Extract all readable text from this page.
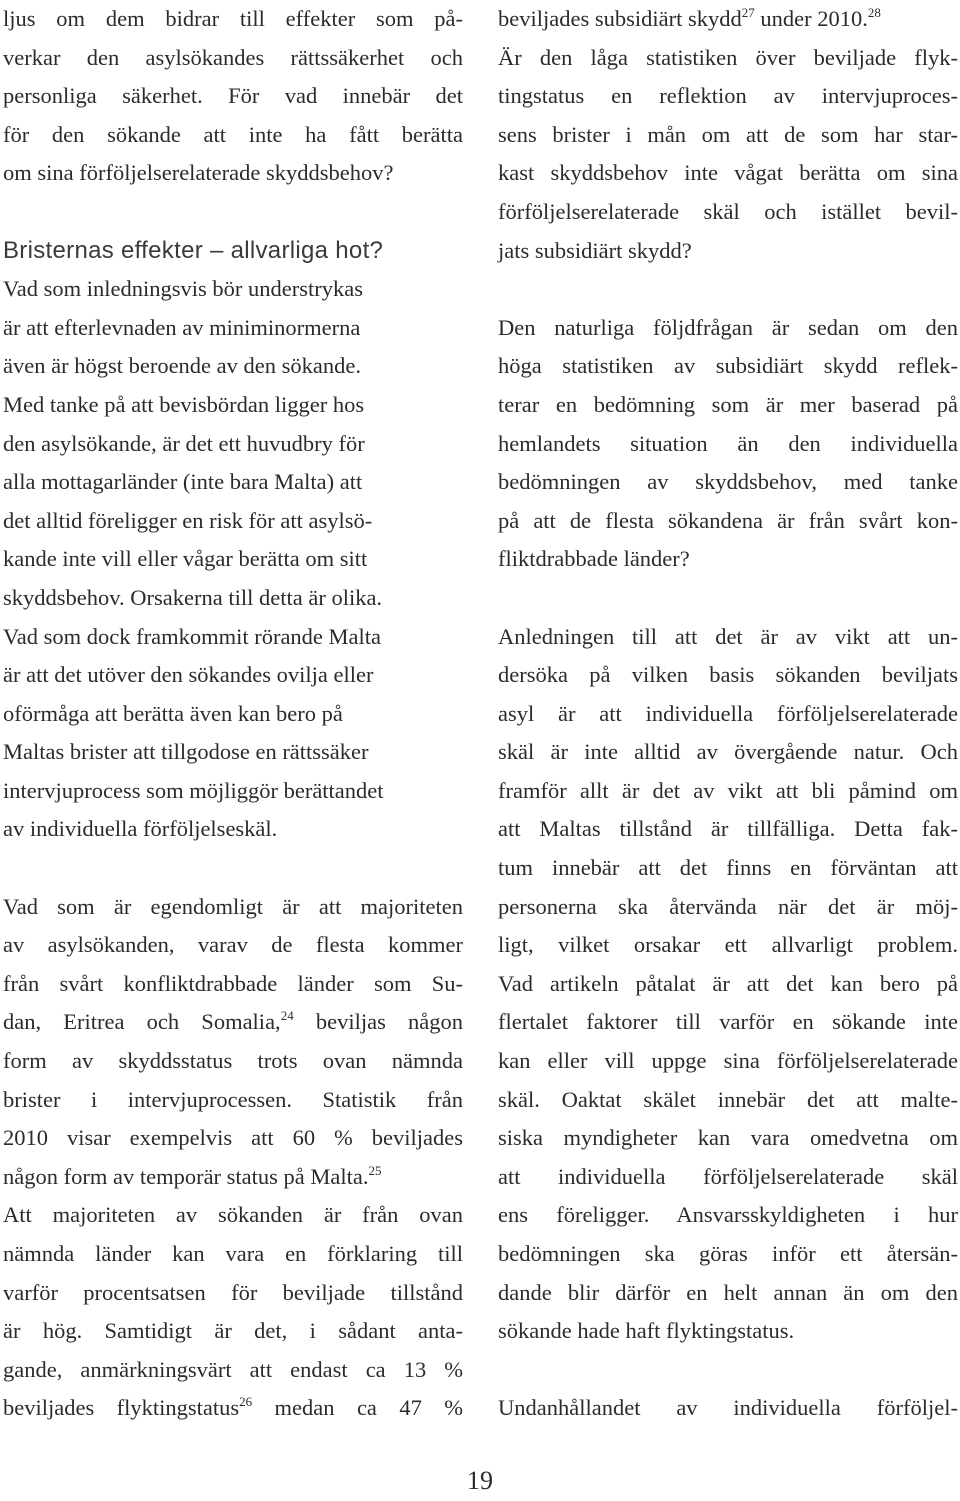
ljus om dem bidrar till effekter som på-
verkar den asylsökandes rättssäkerhet och
personliga säkerhet. För vad innebär det
för den sökande att inte ha fått berätta
om sina förföljelserelaterade skyddsbehov?
Bristernas effekter – allvarliga hot?
Vad som inledningsvis bör understrykas
är att efterlevnaden av miniminormerna
även är högst beroende av den sökande.
Med tanke på att bevisbördan ligger hos
den asylsökande, är det ett huvudbry för
alla mottagarländer (inte bara Malta) att
det alltid föreligger en risk för att asylsö-
kande inte vill eller vågar berätta om sitt
skyddsbehov. Orsakerna till detta är olika.
Vad som dock framkommit rörande Malta
är att det utöver den sökandes ovilja eller
oförmåga att berätta även kan bero på
Maltas brister att tillgodose en rättssäker
intervjuprocess som möjliggör berättandet
av individuella förföljelseskäl.
Vad som är egendomligt är att majoriteten
av asylsökanden, varav de flesta kommer
från svårt konfliktdrabbade länder som Su-
dan, Eritrea och Somalia,$^{24}$ beviljas någon
form av skyddsstatus trots ovan nämnda
brister i intervjuprocessen. Statistik från
2010 visar exempelvis att 60 % beviljades
någon form av temporär status på Malta.$^{25}$
Att majoriteten av sökanden är från ovan
nämnda länder kan vara en förklaring till
varför procentsatsen för beviljade tillstånd
är hög. Samtidigt är det, i sådant anta-
gande, anmärkningsvärt att endast ca 13 %
beviljades flyktingstatus$^{26}$ medan ca 47 %
beviljades subsidiärt skydd$^{27}$ under 2010.28
Är den låga statistiken över beviljade flyk-
tingstatus en reflektion av intervjuproces-
sens brister i mån om att de som har star-
kast skyddsbehov inte vågat berätta om sina
förföljelserelaterade skäl och istället bevil-
jats subsidiärt skydd?
Den naturliga följdfrågan är sedan om den
höga statistiken av subsidiärt skydd reflek-
terar en bedömning som är mer baserad på
hemlandets situation än den individuella
bedömningen av skyddsbehov, med tanke
på att de flesta sökandena är från svårt kon-
fliktdrabbade länder?
Anledningen till att det är av vikt att un-
dersöka på vilken basis sökanden beviljats
asyl är att individuella förföljelserelaterade
skäl är inte alltid av övergående natur. Och
framför allt är det av vikt att bli påmind om
att Maltas tillstånd är tillfälliga. Detta fak-
tum innebär att det finns en förväntan att
personerna ska återvända när det är möj-
ligt, vilket orsakar ett allvarligt problem.
Vad artikeln påtalat är att det kan bero på
flertalet faktorer till varför en sökande inte
kan eller vill uppge sina förföljelserelaterade
skäl. Oaktat skälet innebär det att malte-
siska myndigheter kan vara omedvetna om
att individuella förföljelserelaterade skäl
ens föreligger. Ansvarsskyldigheten i hur
bedömningen ska göras inför ett återsän-
dande blir därför en helt annan än om den
sökande hade haft flyktingstatus.
Undanhållandet av individuella förföljel-
19
